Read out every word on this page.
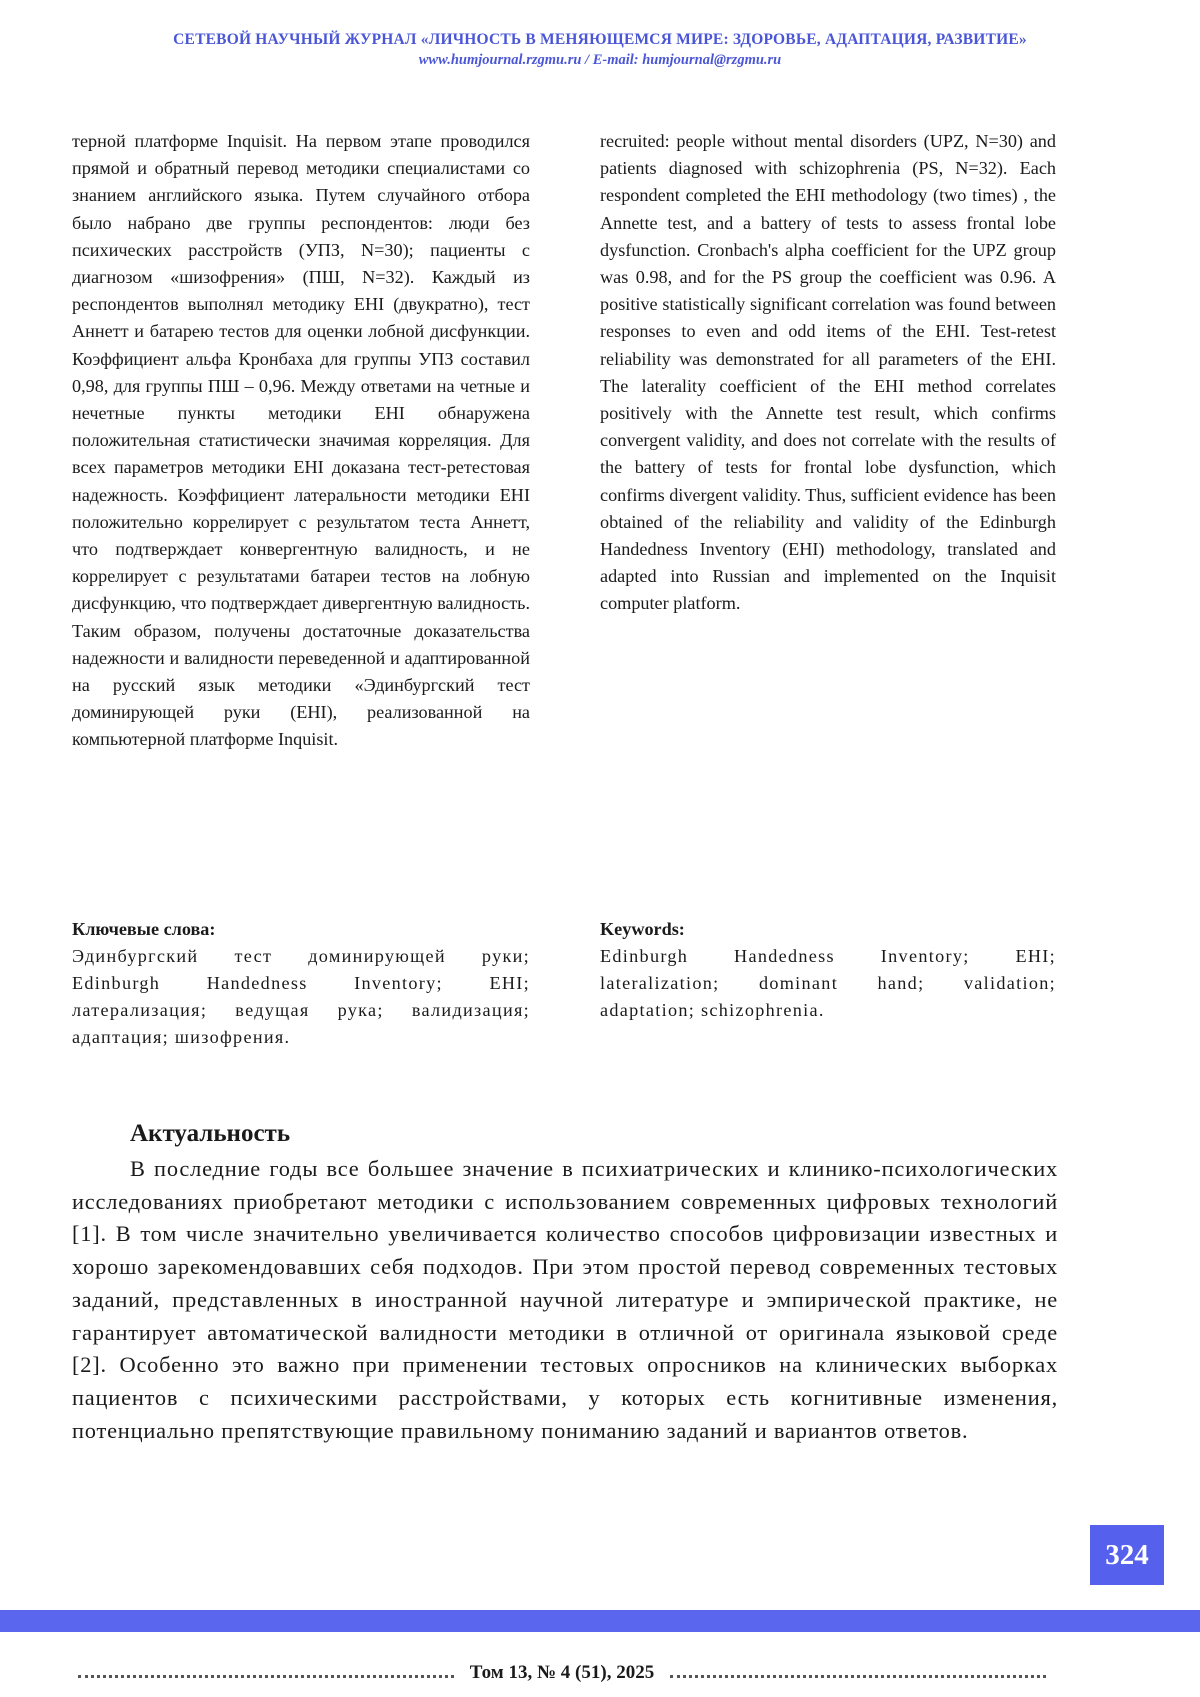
СЕТЕВОЙ НАУЧНЫЙ ЖУРНАЛ «ЛИЧНОСТЬ В МЕНЯЮЩЕМСЯ МИРЕ: ЗДОРОВЬЕ, АДАПТАЦИЯ, РАЗВИТИЕ»
www.humjournal.rzgmu.ru / E-mail: humjournal@rzgmu.ru
терной платформе Inquisit. На первом этапе проводился прямой и обратный перевод методики специалистами со знанием английского языка. Путем случайного отбора было набрано две группы респондентов: люди без психических расстройств (УПЗ, N=30); пациенты с диагнозом «шизофрения» (ПШ, N=32). Каждый из респондентов выполнял методику EHI (двукратно), тест Аннетт и батарею тестов для оценки лобной дисфункции. Коэффициент альфа Кронбаха для группы УПЗ составил 0,98, для группы ПШ – 0,96. Между ответами на четные и нечетные пункты методики EHI обнаружена положительная статистически значимая корреляция. Для всех параметров методики EHI доказана тест-ретестовая надежность. Коэффициент латеральности методики EHI положительно коррелирует с результатом теста Аннетт, что подтверждает конвергентную валидность, и не коррелирует с результатами батареи тестов на лобную дисфункцию, что подтверждает дивергентную валидность. Таким образом, получены достаточные доказательства надежности и валидности переведенной и адаптированной на русский язык методики «Эдинбургский тест доминирующей руки (EHI), реализованной на компьютерной платформе Inquisit.
recruited: people without mental disorders (UPZ, N=30) and patients diagnosed with schizophrenia (PS, N=32). Each respondent completed the EHI methodology (two times) , the Annette test, and a battery of tests to assess frontal lobe dysfunction. Cronbach's alpha coefficient for the UPZ group was 0.98, and for the PS group the coefficient was 0.96. A positive statistically significant correlation was found between responses to even and odd items of the EHI. Test-retest reliability was demonstrated for all parameters of the EHI. The laterality coefficient of the EHI method correlates positively with the Annette test result, which confirms convergent validity, and does not correlate with the results of the battery of tests for frontal lobe dysfunction, which confirms divergent validity. Thus, sufficient evidence has been obtained of the reliability and validity of the Edinburgh Handedness Inventory (EHI) methodology, translated and adapted into Russian and implemented on the Inquisit computer platform.
Ключевые слова:
Эдинбургский тест доминирующей руки; Edinburgh Handedness Inventory; EHI; латерализация; ведущая рука; валидизация; адаптация; шизофрения.
Keywords:
Edinburgh Handedness Inventory; EHI; lateralization; dominant hand; validation; adaptation; schizophrenia.
Актуальность
В последние годы все большее значение в психиатрических и клинико-психологических исследованиях приобретают методики с использованием современных цифровых технологий [1]. В том числе значительно увеличивается количество способов цифровизации известных и хорошо зарекомендовавших себя подходов. При этом простой перевод современных тестовых заданий, представленных в иностранной научной литературе и эмпирической практике, не гарантирует автоматической валидности методики в отличной от оригинала языковой среде [2]. Особенно это важно при применении тестовых опросников на клинических выборках пациентов с психическими расстройствами, у которых есть когнитивные изменения, потенциально препятствующие правильному пониманию заданий и вариантов ответов.
324
Том 13, № 4 (51), 2025
